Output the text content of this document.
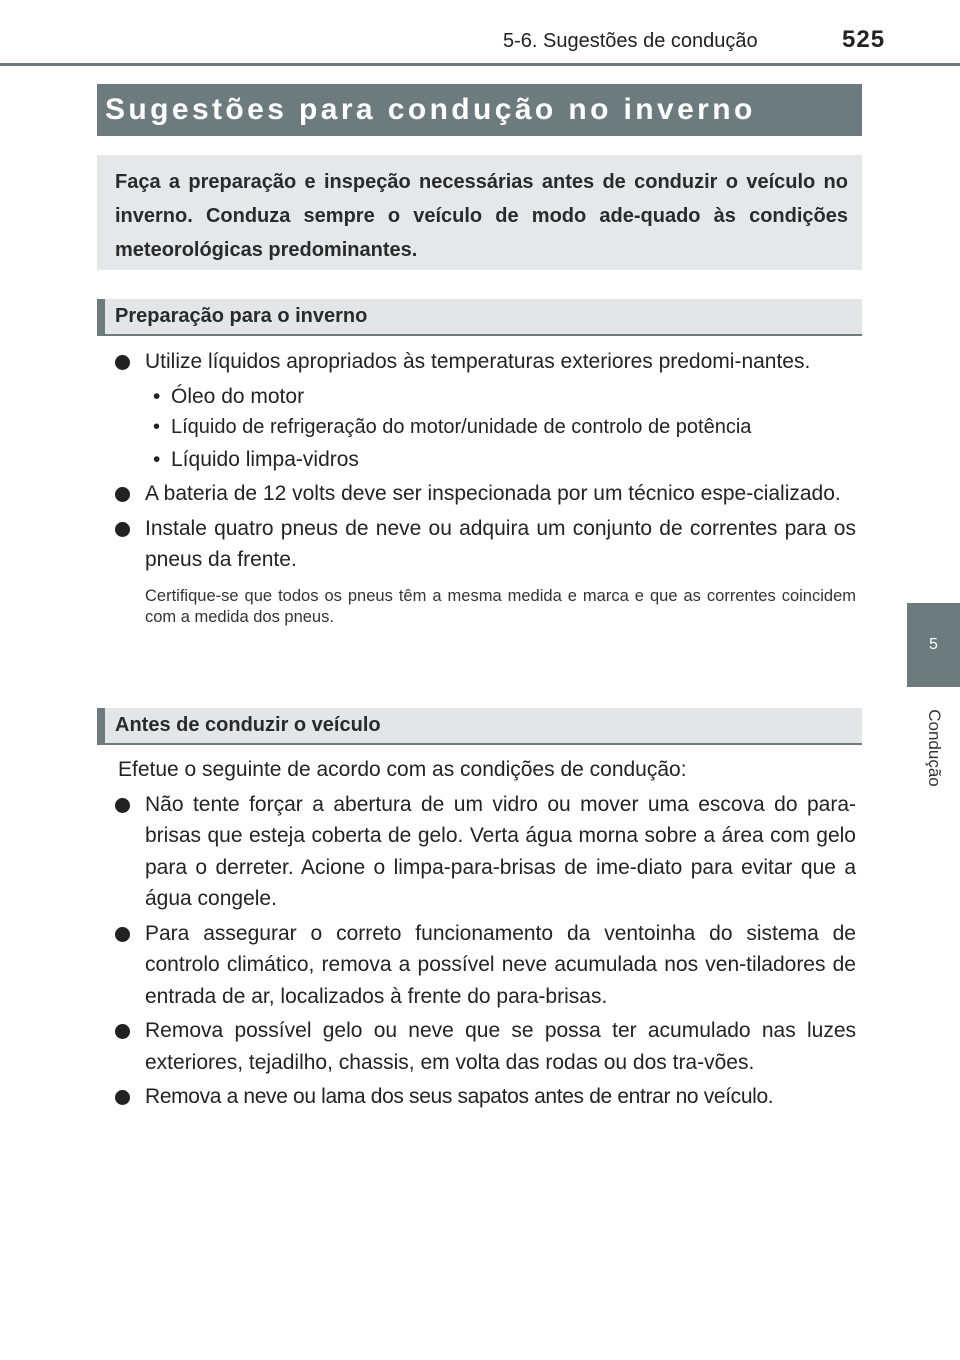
5-6. Sugestões de condução	525
5
Condução
Sugestões para condução no inverno
Faça a preparação e inspeção necessárias antes de conduzir o veículo no inverno. Conduza sempre o veículo de modo ade-quado às condições meteorológicas predominantes.
Preparação para o inverno
Utilize líquidos apropriados às temperaturas exteriores predomi-nantes.
• Óleo do motor
• Líquido de refrigeração do motor/unidade de controlo de potência
• Líquido limpa-vidros
A bateria de 12 volts deve ser inspecionada por um técnico espe-cializado.
Instale quatro pneus de neve ou adquira um conjunto de correntes para os pneus da frente.
Certifique-se que todos os pneus têm a mesma medida e marca e que as correntes coincidem com a medida dos pneus.
Antes de conduzir o veículo
Efetue o seguinte de acordo com as condições de condução:
Não tente forçar a abertura de um vidro ou mover uma escova do para-brisas que esteja coberta de gelo. Verta água morna sobre a área com gelo para o derreter. Acione o limpa-para-brisas de ime-diato para evitar que a água congele.
Para assegurar o correto funcionamento da ventoinha do sistema de controlo climático, remova a possível neve acumulada nos ven-tiladores de entrada de ar, localizados à frente do para-brisas.
Remova possível gelo ou neve que se possa ter acumulado nas luzes exteriores, tejadilho, chassis, em volta das rodas ou dos tra-vões.
Remova a neve ou lama dos seus sapatos antes de entrar no veículo.
